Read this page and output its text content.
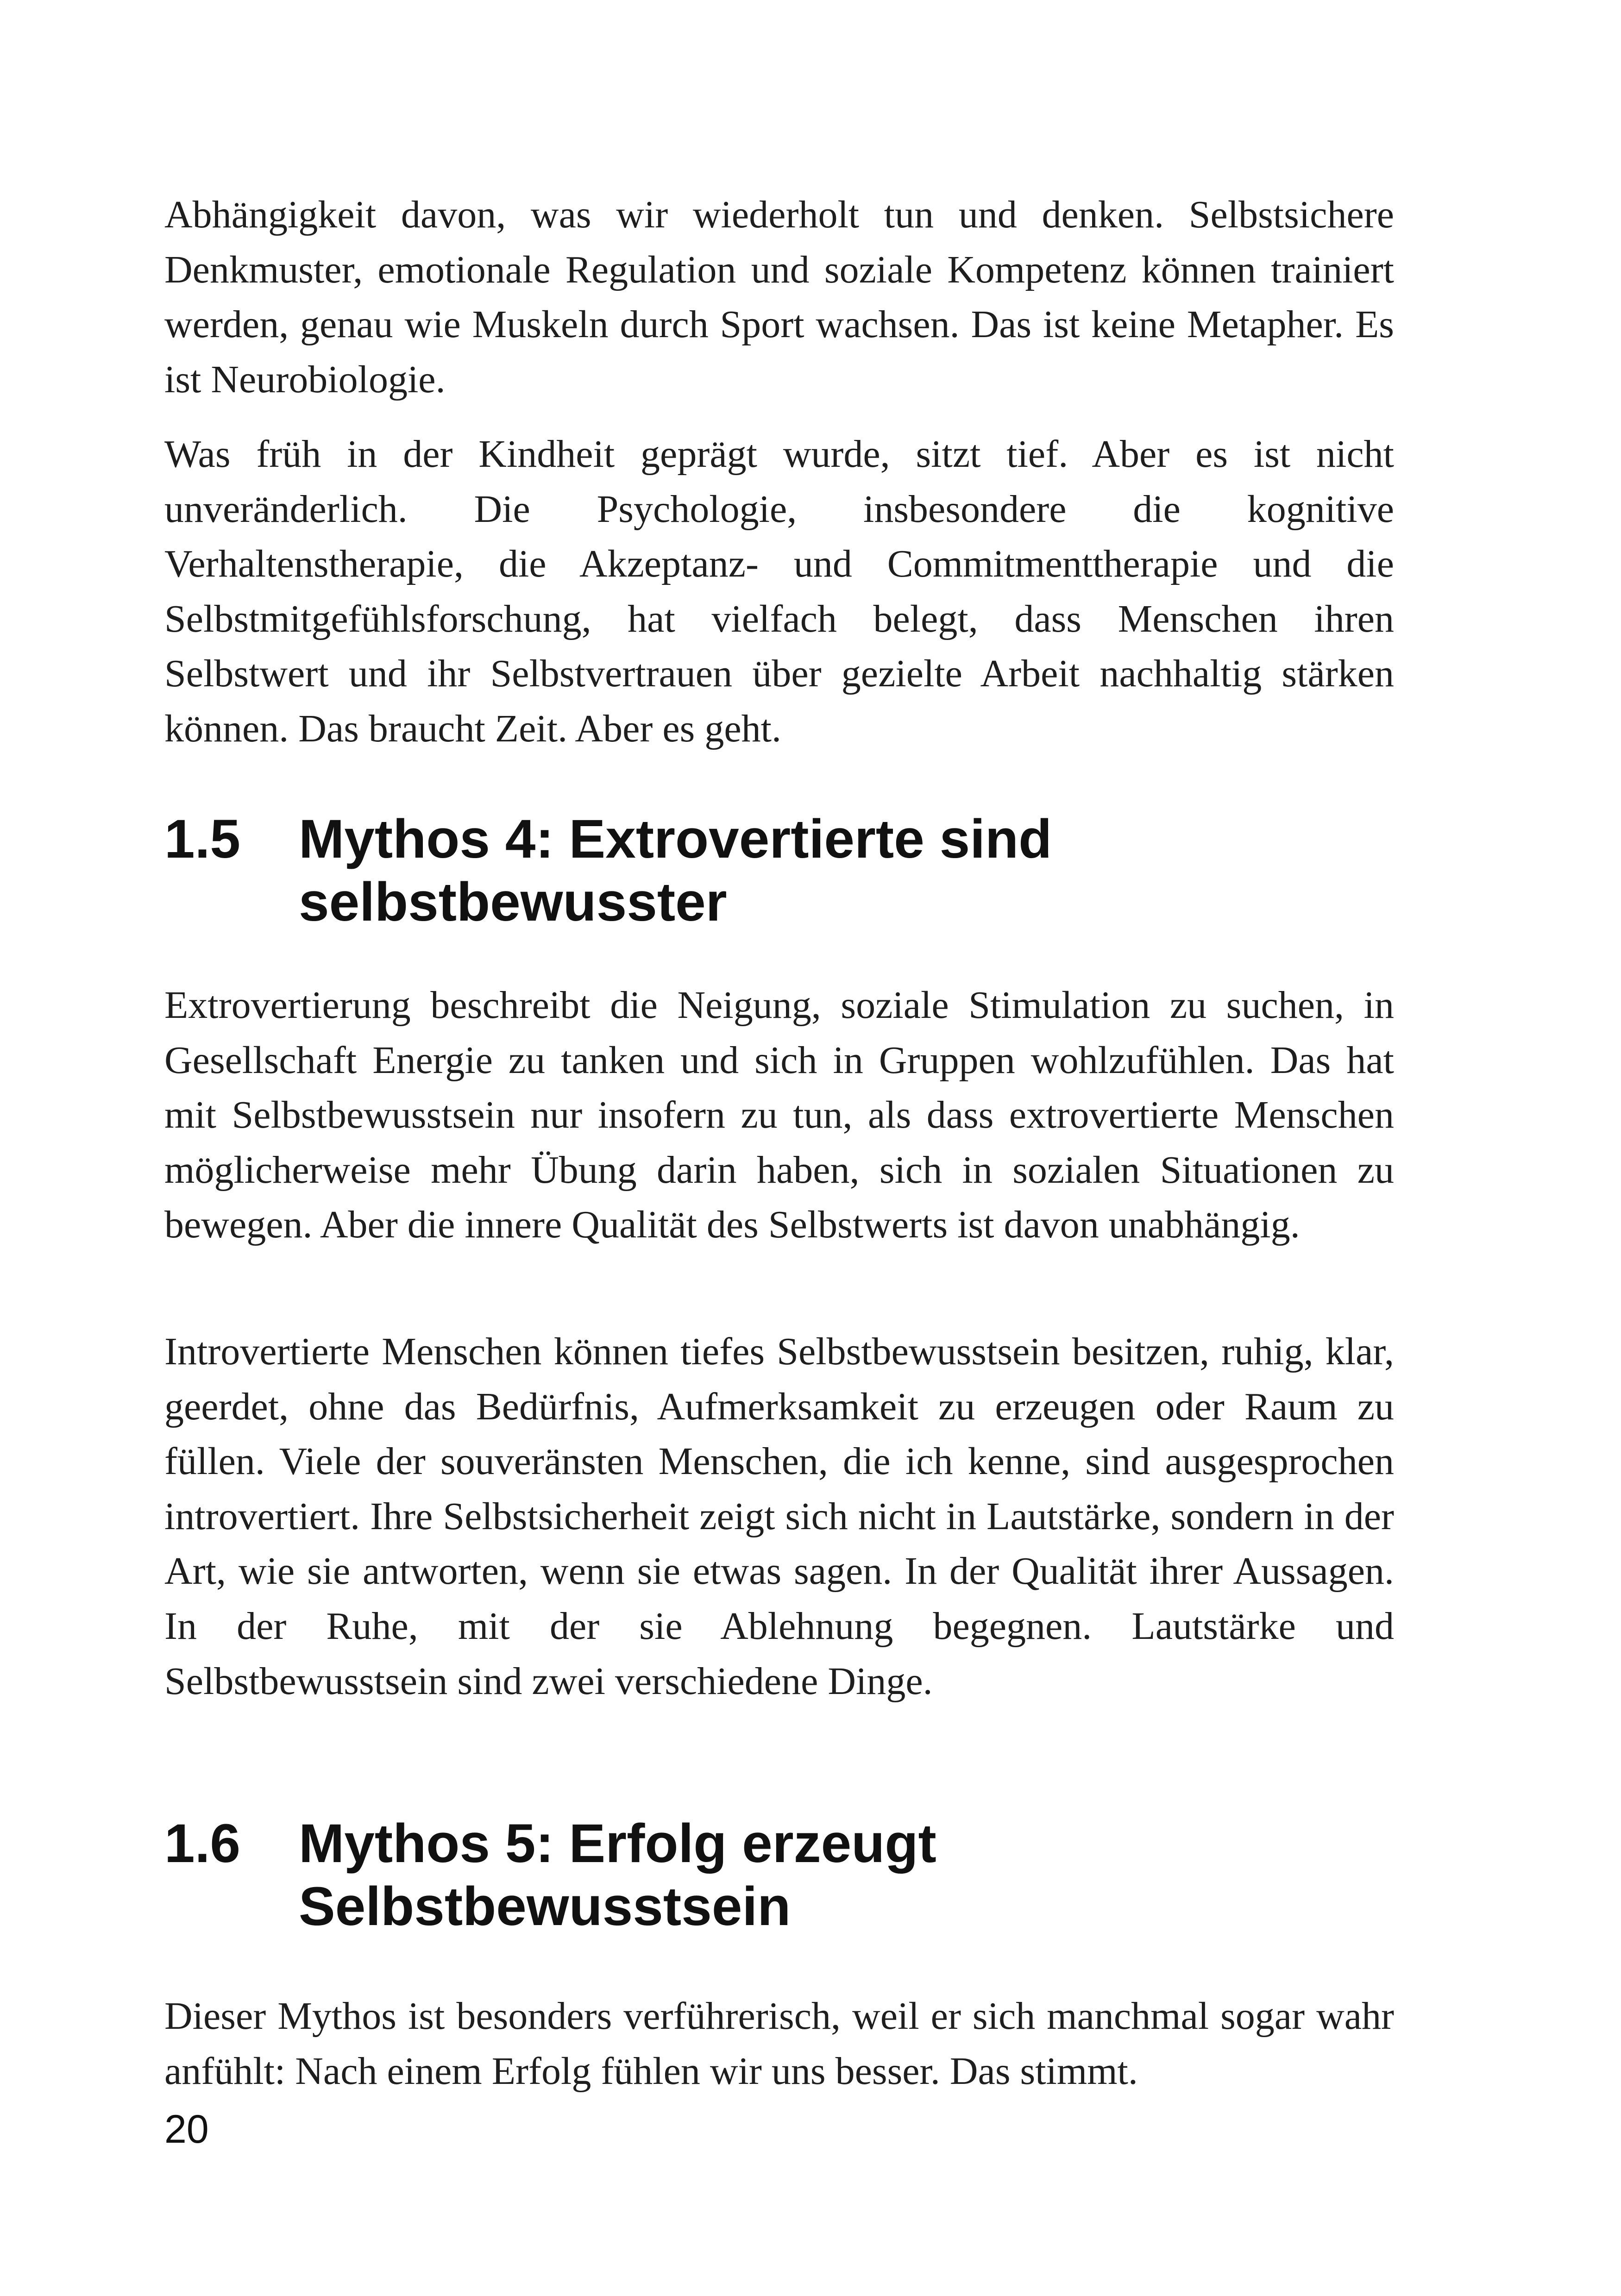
Abhängigkeit davon, was wir wiederholt tun und denken. Selbstsichere Denkmuster, emotionale Regulation und soziale Kompetenz können trainiert werden, genau wie Muskeln durch Sport wachsen. Das ist keine Metapher. Es ist Neurobiologie.

Was früh in der Kindheit geprägt wurde, sitzt tief. Aber es ist nicht unveränderlich. Die Psychologie, insbesondere die kognitive Verhaltenstherapie, die Akzeptanz- und Commitmenttherapie und die Selbstmitgefühlsforschung, hat vielfach belegt, dass Menschen ihren Selbstwert und ihr Selbstvertrauen über gezielte Arbeit nachhaltig stärken können. Das braucht Zeit. Aber es geht.

1.5 Mythos 4: Extrovertierte sind selbstbewusster

Extrovertierung beschreibt die Neigung, soziale Stimulation zu suchen, in Gesellschaft Energie zu tanken und sich in Gruppen wohlzufühlen. Das hat mit Selbstbewusstsein nur insofern zu tun, als dass extrovertierte Menschen möglicherweise mehr Übung darin haben, sich in sozialen Situationen zu bewegen. Aber die innere Qualität des Selbstwerts ist davon unabhängig.

Introvertierte Menschen können tiefes Selbstbewusstsein besitzen, ruhig, klar, geerdet, ohne das Bedürfnis, Aufmerksamkeit zu erzeugen oder Raum zu füllen. Viele der souveränsten Menschen, die ich kenne, sind ausgesprochen introvertiert. Ihre Selbstsicherheit zeigt sich nicht in Lautstärke, sondern in der Art, wie sie antworten, wenn sie etwas sagen. In der Qualität ihrer Aussagen. In der Ruhe, mit der sie Ablehnung begegnen. Lautstärke und Selbstbewusstsein sind zwei verschiedene Dinge.

1.6 Mythos 5: Erfolg erzeugt Selbstbewusstsein

Dieser Mythos ist besonders verführerisch, weil er sich manchmal sogar wahr anfühlt: Nach einem Erfolg fühlen wir uns besser. Das stimmt.

20
